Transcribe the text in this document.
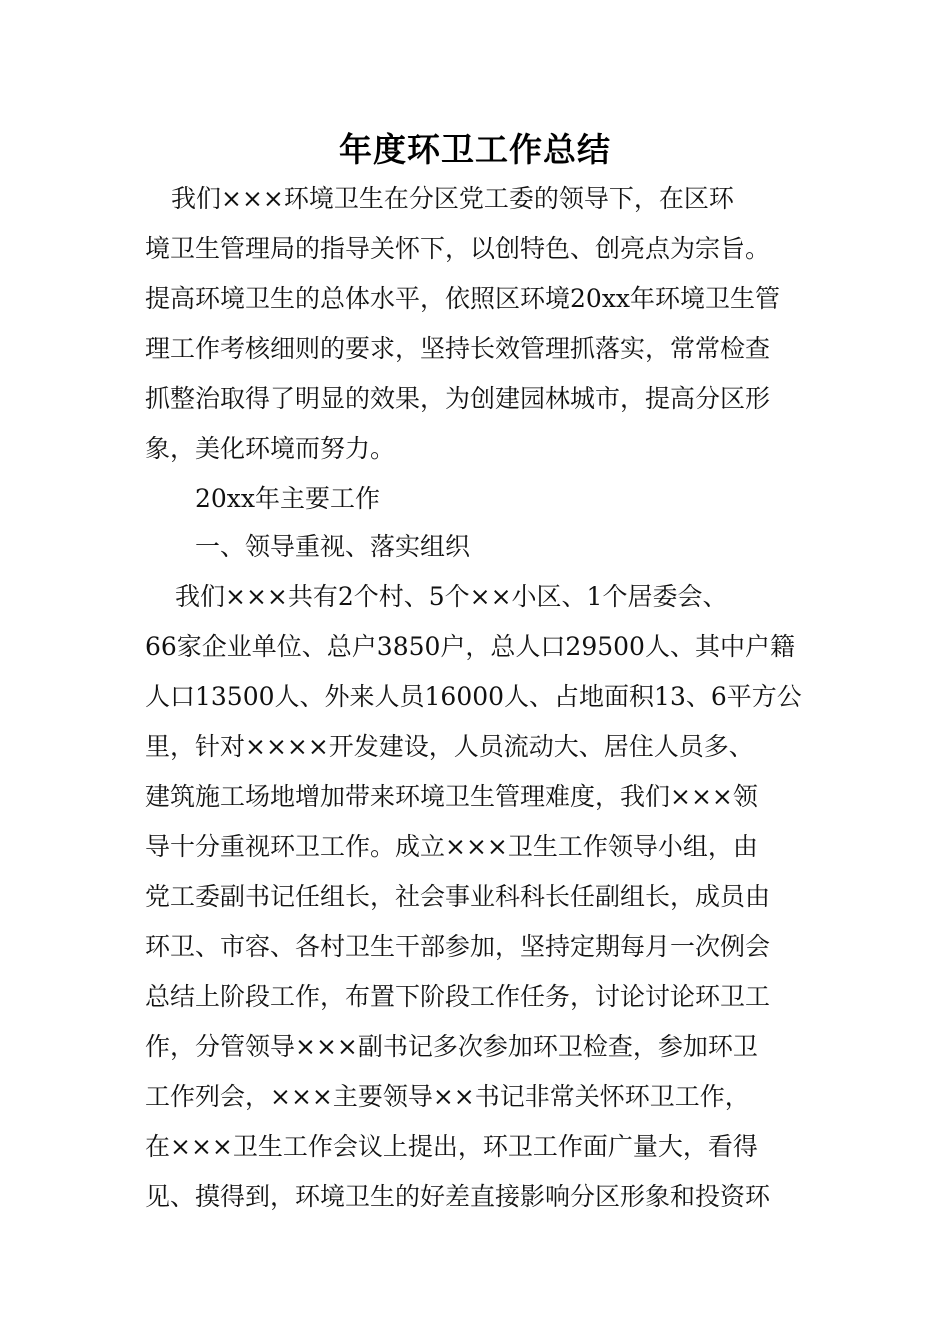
年度环卫工作总结
我们×××环境卫生在分区党工委的领导下，在区环
境卫生管理局的指导关怀下，以创特色、创亮点为宗旨。
提高环境卫生的总体水平，依照区环境20xx年环境卫生管
理工作考核细则的要求，坚持长效管理抓落实，常常检查
抓整治取得了明显的效果，为创建园林城市，提高分区形
象，美化环境而努力。
20xx年主要工作
一、领导重视、落实组织
我们×××共有2个村、5个××小区、1个居委会、
66家企业单位、总户3850户，总人口29500人、其中户籍
人口13500人、外来人员16000人、占地面积13、6平方公
里，针对××××开发建设，人员流动大、居住人员多、
建筑施工场地增加带来环境卫生管理难度，我们×××领
导十分重视环卫工作。成立×××卫生工作领导小组，由
党工委副书记任组长，社会事业科科长任副组长，成员由
环卫、市容、各村卫生干部参加，坚持定期每月一次例会
总结上阶段工作，布置下阶段工作任务，讨论讨论环卫工
作，分管领导×××副书记多次参加环卫检查，参加环卫
工作列会，×××主要领导××书记非常关怀环卫工作，
在×××卫生工作会议上提出，环卫工作面广量大，看得
见、摸得到，环境卫生的好差直接影响分区形象和投资环
